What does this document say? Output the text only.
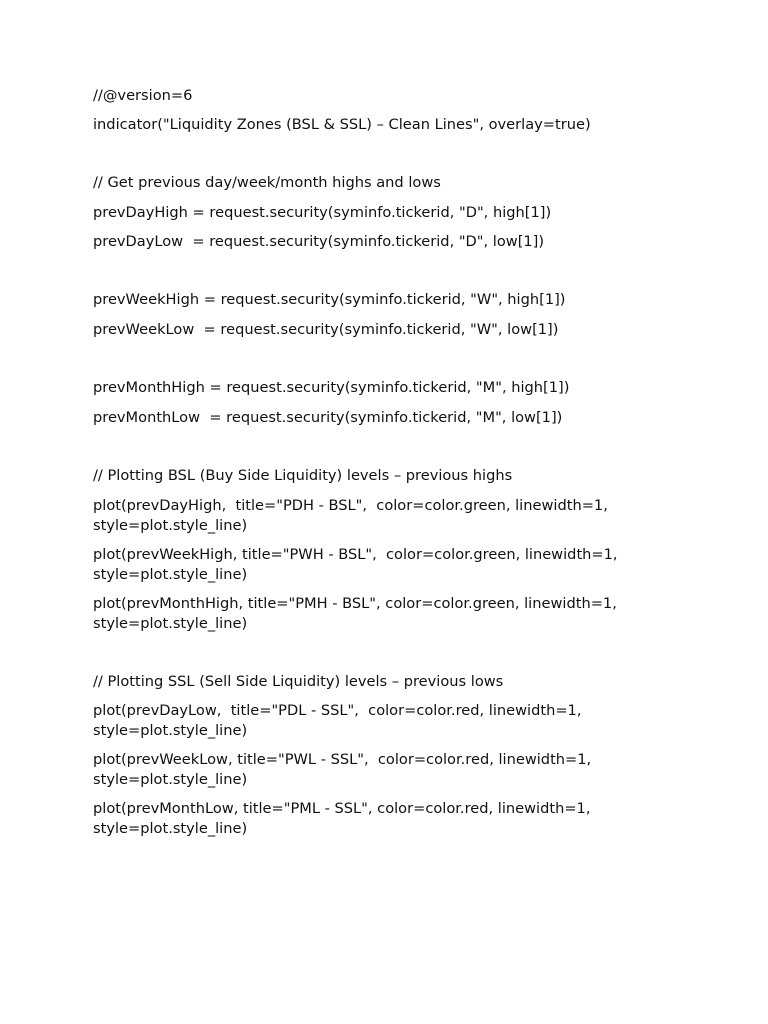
//@version=6

indicator("Liquidity Zones (BSL & SSL) – Clean Lines", overlay=true)

// Get previous day/week/month highs and lows

prevDayHigh = request.security(syminfo.tickerid, "D", high[1])

prevDayLow  = request.security(syminfo.tickerid, "D", low[1])

prevWeekHigh = request.security(syminfo.tickerid, "W", high[1])

prevWeekLow  = request.security(syminfo.tickerid, "W", low[1])

prevMonthHigh = request.security(syminfo.tickerid, "M", high[1])

prevMonthLow  = request.security(syminfo.tickerid, "M", low[1])

// Plotting BSL (Buy Side Liquidity) levels – previous highs

plot(prevDayHigh,  title="PDH - BSL",  color=color.green, linewidth=1,
style=plot.style_line)

plot(prevWeekHigh, title="PWH - BSL",  color=color.green, linewidth=1,
style=plot.style_line)

plot(prevMonthHigh, title="PMH - BSL", color=color.green, linewidth=1,
style=plot.style_line)

// Plotting SSL (Sell Side Liquidity) levels – previous lows

plot(prevDayLow,  title="PDL - SSL",  color=color.red, linewidth=1,
style=plot.style_line)

plot(prevWeekLow, title="PWL - SSL",  color=color.red, linewidth=1,
style=plot.style_line)

plot(prevMonthLow, title="PML - SSL", color=color.red, linewidth=1,
style=plot.style_line)
